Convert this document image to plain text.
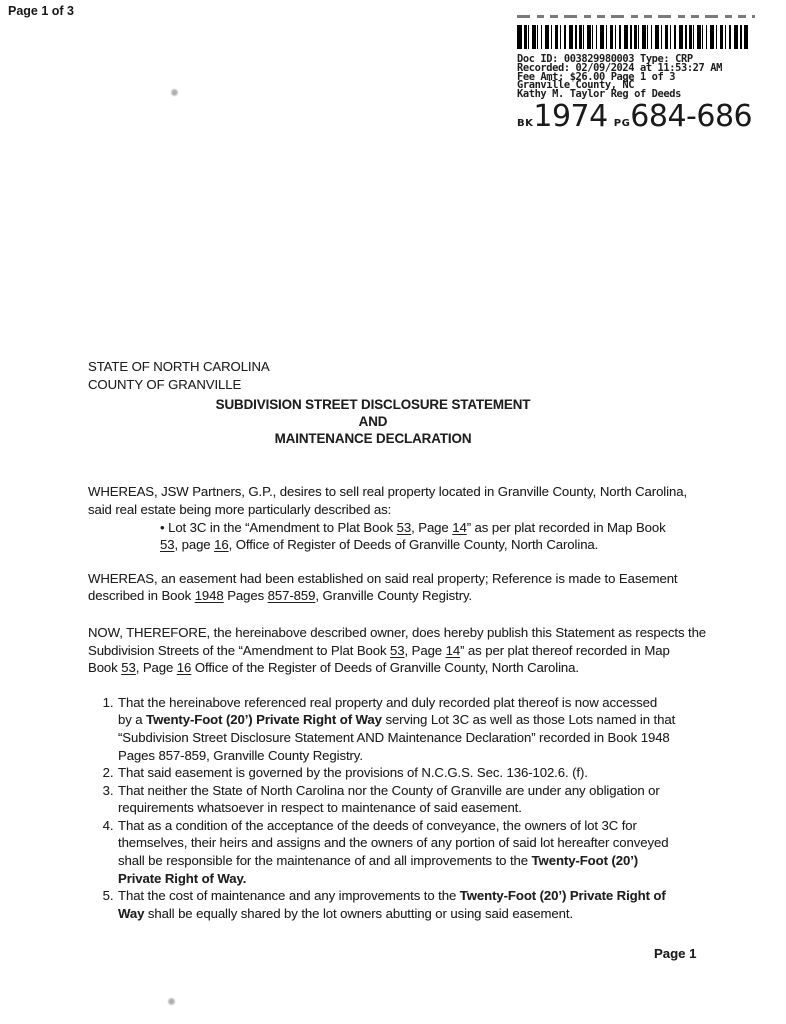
Page 1 of 3
Doc ID: 003829980003 Type: CRP
Recorded: 02/09/2024 at 11:53:27 AM
Fee Amt: $26.00 Page 1 of 3
Granville County, NC
Kathy M. Taylor Reg of Deeds
BK1974 PG684-686
STATE OF NORTH CAROLINA
COUNTY OF GRANVILLE
SUBDIVISION STREET DISCLOSURE STATEMENT
AND
MAINTENANCE DECLARATION

WHEREAS, JSW Partners, G.P., desires to sell real property located in Granville County, North Carolina,
said real estate being more particularly described as:

• Lot 3C in the “Amendment to Plat Book 53, Page 14” as per plat recorded in Map Book
53, page 16, Office of Register of Deeds of Granville County, North Carolina.

WHEREAS, an easement had been established on said real property; Reference is made to Easement
described in Book 1948 Pages 857-859, Granville County Registry.

NOW, THEREFORE, the hereinabove described owner, does hereby publish this Statement as respects the
Subdivision Streets of the “Amendment to Plat Book 53, Page 14” as per plat thereof recorded in Map
Book 53, Page 16 Office of the Register of Deeds of Granville County, North Carolina.

1. That the hereinabove referenced real property and duly recorded plat thereof is now accessed
by a Twenty-Foot (20’) Private Right of Way serving Lot 3C as well as those Lots named in that
“Subdivision Street Disclosure Statement AND Maintenance Declaration” recorded in Book 1948
Pages 857-859, Granville County Registry.
2. That said easement is governed by the provisions of N.C.G.S. Sec. 136-102.6. (f).
3. That neither the State of North Carolina nor the County of Granville are under any obligation or
requirements whatsoever in respect to maintenance of said easement.
4. That as a condition of the acceptance of the deeds of conveyance, the owners of lot 3C for
themselves, their heirs and assigns and the owners of any portion of said lot hereafter conveyed
shall be responsible for the maintenance of and all improvements to the Twenty-Foot (20’)
Private Right of Way.
5. That the cost of maintenance and any improvements to the Twenty-Foot (20’) Private Right of
Way shall be equally shared by the lot owners abutting or using said easement.
Page 1
